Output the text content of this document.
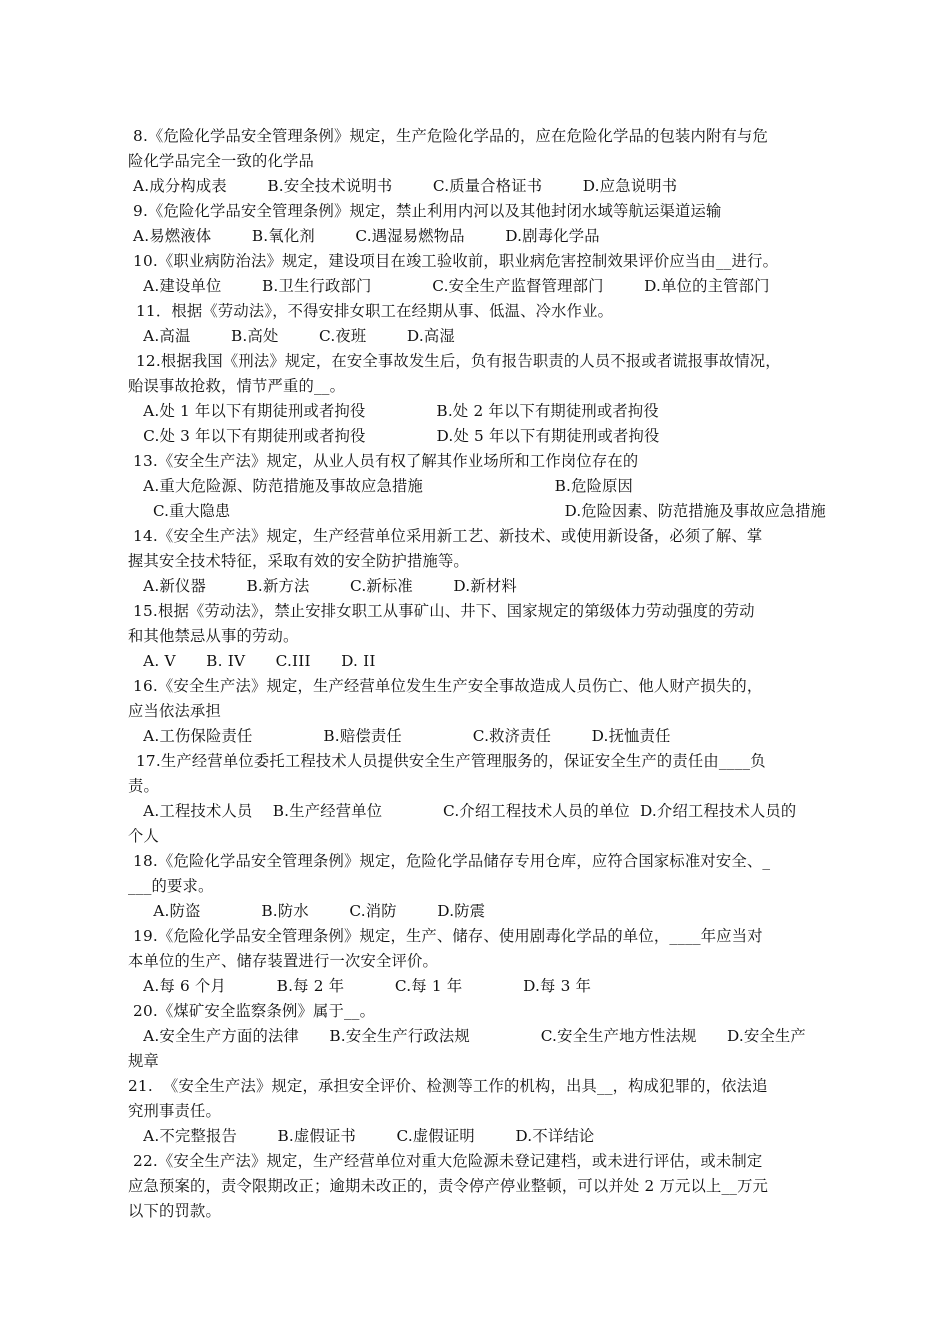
8.《危险化学品安全管理条例》规定，生产危险化学品的，应在危险化学品的包装内附有与危
险化学品完全一致的化学品
A.成分构成表        B.安全技术说明书        C.质量合格证书        D.应急说明书
9.《危险化学品安全管理条例》规定，禁止利用内河以及其他封闭水域等航运渠道运输
A.易燃液体        B.氧化剂        C.遇湿易燃物品        D.剧毒化学品
10.《职业病防治法》规定，建设项目在竣工验收前，职业病危害控制效果评价应当由__进行。
A.建设单位        B.卫生行政部门            C.安全生产监督管理部门        D.单位的主管部门
11．根据《劳动法》，不得安排女职工在经期从事、低温、冷水作业。
A.高温        B.高处        C.夜班        D.高湿
12.根据我国《刑法》规定，在安全事故发生后，负有报告职责的人员不报或者谎报事故情况，
贻误事故抢救，情节严重的__。
A.处 1 年以下有期徒刑或者拘役              B.处 2 年以下有期徒刑或者拘役
C.处 3 年以下有期徒刑或者拘役              D.处 5 年以下有期徒刑或者拘役
13.《安全生产法》规定，从业人员有权了解其作业场所和工作岗位存在的
A.重大危险源、防范措施及事故应急措施                          B.危险原因
C.重大隐患                                                                   D.危险因素、防范措施及事故应急措施
14.《安全生产法》规定，生产经营单位采用新工艺、新技术、或使用新设备，必须了解、掌
握其安全技术特征，采取有效的安全防护措施等。
A.新仪器        B.新方法        C.新标准        D.新材料
15.根据《劳动法》，禁止安排女职工从事矿山、井下、国家规定的第级体力劳动强度的劳动
和其他禁忌从事的劳动。
A. V      B. IV      C.III      D. II
16.《安全生产法》规定，生产经营单位发生生产安全事故造成人员伤亡、他人财产损失的，
应当依法承担
A.工伤保险责任              B.赔偿责任              C.救济责任        D.抚恤责任
17.生产经营单位委托工程技术人员提供安全生产管理服务的，保证安全生产的责任由____负
责。
A.工程技术人员    B.生产经营单位            C.介绍工程技术人员的单位  D.介绍工程技术人员的
个人
18.《危险化学品安全管理条例》规定，危险化学品储存专用仓库，应符合国家标准对安全、_
___的要求。
A.防盗            B.防水        C.消防        D.防震
19.《危险化学品安全管理条例》规定，生产、储存、使用剧毒化学品的单位，____年应当对
本单位的生产、储存装置进行一次安全评价。
A.每 6 个月          B.每 2 年          C.每 1 年            D.每 3 年
20.《煤矿安全监察条例》属于__。
A.安全生产方面的法律      B.安全生产行政法规              C.安全生产地方性法规      D.安全生产
规章
21.  《安全生产法》规定，承担安全评价、检测等工作的机构，出具__，构成犯罪的，依法追
究刑事责任。
A.不完整报告        B.虚假证书        C.虚假证明        D.不详结论
22.《安全生产法》规定，生产经营单位对重大危险源未登记建档，或未进行评估，或未制定
应急预案的，责令限期改正；逾期未改正的，责令停产停业整顿，可以并处 2 万元以上__万元
以下的罚款。
